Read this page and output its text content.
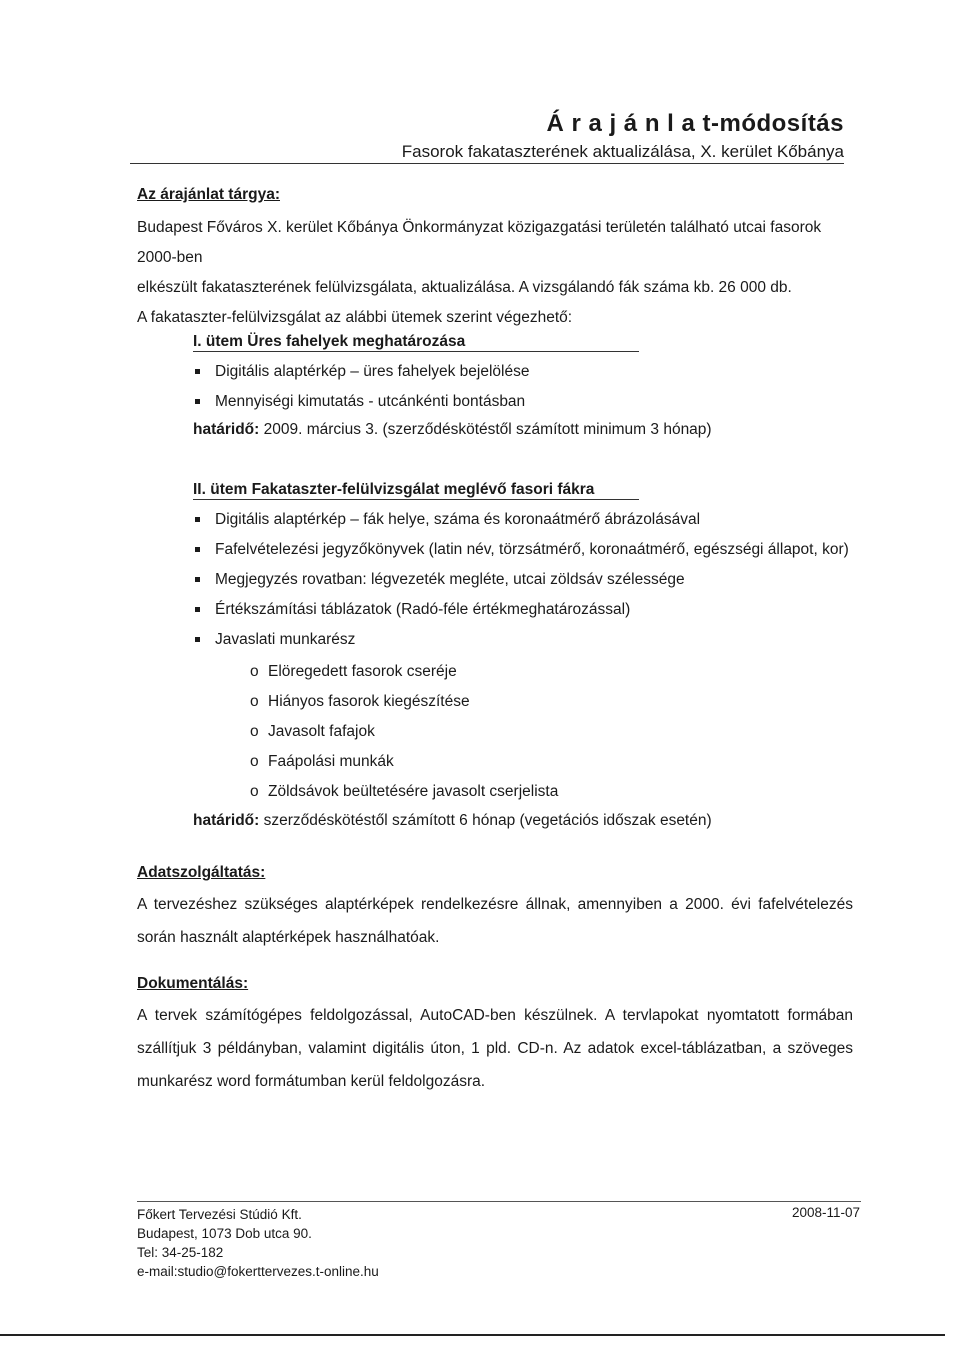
Á r a j á n l a t-módosítás
Fasorok fakataszterének aktualizálása, X. kerület Kőbánya
Az árajánlat tárgya:
Budapest Főváros X. kerület Kőbánya Önkormányzat közigazgatási területén található utcai fasorok 2000-ben
elkészült fakataszterének felülvizsgálata, aktualizálása. A vizsgálandó fák száma kb. 26 000 db.
A fakataszter-felülvizsgálat az alábbi ütemek szerint végezhető:
I. ütem Üres fahelyek meghatározása
Digitális alaptérkép – üres fahelyek bejelölése
Mennyiségi kimutatás - utcánkénti bontásban
határidő: 2009. március 3. (szerződéskötéstől számított minimum 3 hónap)
II. ütem Fakataszter-felülvizsgálat meglévő fasori fákra
Digitális alaptérkép – fák helye, száma és koronaátmérő ábrázolásával
Fafelvételezési jegyzőkönyvek (latin név, törzsátmérő, koronaátmérő, egészségi állapot, kor)
Megjegyzés rovatban: légvezeték megléte, utcai zöldsáv szélessége
Értékszámítási táblázatok (Radó-féle értékmeghatározással)
Javaslati munkarész
o Elöregedett fasorok cseréje
o Hiányos fasorok kiegészítése
o Javasolt fafajok
o Faápolási munkák
o Zöldsávok beültetésére javasolt cserjelista
határidő: szerződéskötéstől számított 6 hónap (vegetációs időszak esetén)
Adatszolgáltatás:
A tervezéshez szükséges alaptérképek rendelkezésre állnak, amennyiben a 2000. évi fafelvételezés során használt alaptérképek használhatóak.
Dokumentálás:
A tervek számítógépes feldolgozással, AutoCAD-ben készülnek. A tervlapokat nyomtatott formában szállítjuk 3 példányban, valamint digitális úton, 1 pld. CD-n. Az adatok excel-táblázatban, a szöveges munkarész word formátumban kerül feldolgozásra.
Főkert Tervezési Stúdió Kft.
Budapest, 1073 Dob utca 90.
Tel: 34-25-182
e-mail:studio@fokerttervezes.t-online.hu
2008-11-07
